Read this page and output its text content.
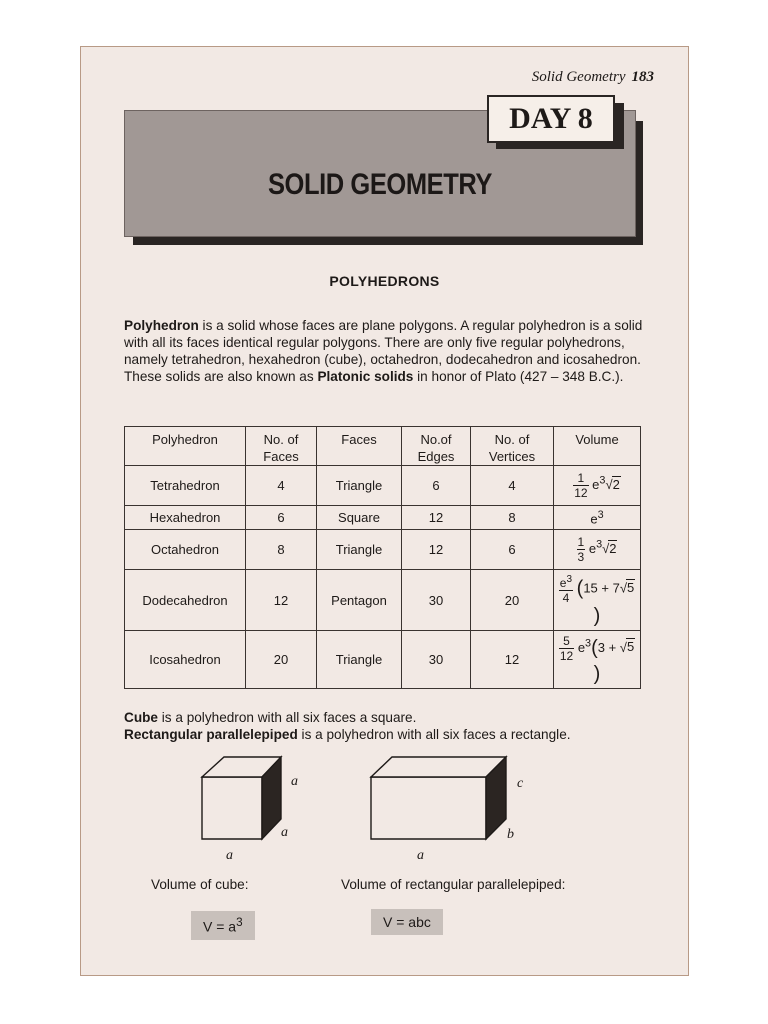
Solid Geometry 183
SOLID GEOMETRY
DAY 8
POLYHEDRONS
Polyhedron is a solid whose faces are plane polygons. A regular polyhedron is a solid with all its faces identical regular polygons. There are only five regular polyhedrons, namely tetrahedron, hexahedron (cube), octahedron, dodecahedron and icosahedron. These solids are also known as Platonic solids in honor of Plato (427 – 348 B.C.).
Polyhedron	No. of Faces	Faces	No.of Edges	No. of Vertices	Volume
Tetrahedron	4	Triangle	6	4	$\frac{1}{12} e^3√2$
Hexahedron	6	Square	12	8	$e^3$
Octahedron	8	Triangle	12	6	$\frac{1}{3} e^3√2$
Dodecahedron	12	Pentagon	30	20	$\frac{e^3}{4} (15 + 7√5)$
Icosahedron	20	Triangle	30	12	$\frac{5}{12} e^3(3 + √5)$
Cube is a polyhedron with all six faces a square.
Rectangular parallelepiped is a polyhedron with all six faces a rectangle.
a
a
a
c
b
a
Volume of cube:	Volume of rectangular parallelepiped:
$V = a^3$	V = abc
